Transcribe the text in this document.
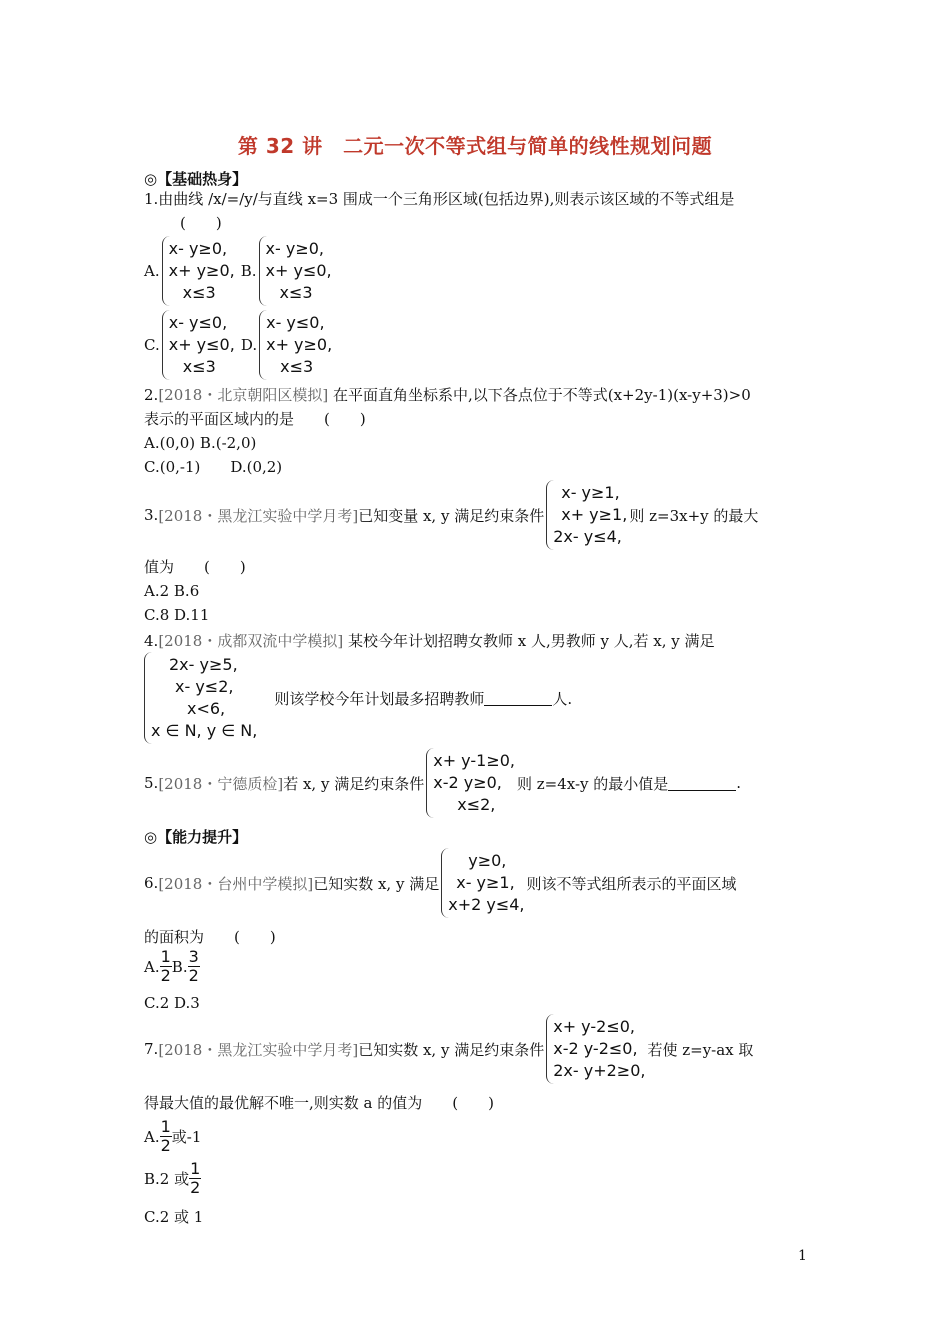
第 32 讲　二元一次不等式组与简单的线性规划问题
◎【基础热身】
1.由曲线 /x/=/y/与直线 x=3 围成一个三角形区域(包括边界),则表示该区域的不等式组是
(　　)
A.
x- y≥0,
x+ y≥0,
x≤3
B.
x- y≥0,
x+ y≤0,
x≤3
C.
x- y≤0,
x+ y≤0,
x≤3
D.
x- y≤0,
x+ y≥0,
x≤3
2.[2018・北京朝阳区模拟] 在平面直角坐标系中,以下各点位于不等式(x+2y-1)(x-y+3)>0
表示的平面区域内的是　　(　　)
A.(0,0) B.(-2,0)
C.(0,-1)　　D.(0,2)
3. [2018・黑龙江实验中学月考] 已知变量 x, y 满足约束条件
x- y≥1,
x+ y≥1,
2x- y≤4,
则 z=3x+y 的最大
值为　　(　　)
A.2 B.6
C.8 D.11
4.[2018・成都双流中学模拟] 某校今年计划招聘女教师 x 人,男教师 y 人,若 x, y 满足
2x- y≥5,
x- y≤2,
x<6,
x ∈ N, y ∈ N,
　则该学校今年计划最多招聘教师	人.
5. [2018・宁德质检] 若 x, y 满足约束条件
x+ y-1≥0,
x-2 y≥0,
x≤2,
则 z=4x-y 的最小值是	.
◎【能力提升】
6. [2018・台州中学模拟] 已知实数 x, y 满足
y≥0,
x- y≥1,
x+2 y≤4,
则该不等式组所表示的平面区域
的面积为　　(　　)
A. $\frac{1}{2} B$. $\frac{3}{2}$
C.2 D.3
7. [2018・黑龙江实验中学月考] 已知实数 x, y 满足约束条件
x+ y-2≤0,
x-2 y-2≤0,
2x- y+2≥0,
若使 z=y-ax 取
得最大值的最优解不唯一,则实数 a 的值为　　(　　)
A. $\frac{1}{2}$ 或-1
B.2 或 $\frac{1}{2}$
C.2 或 1
1
